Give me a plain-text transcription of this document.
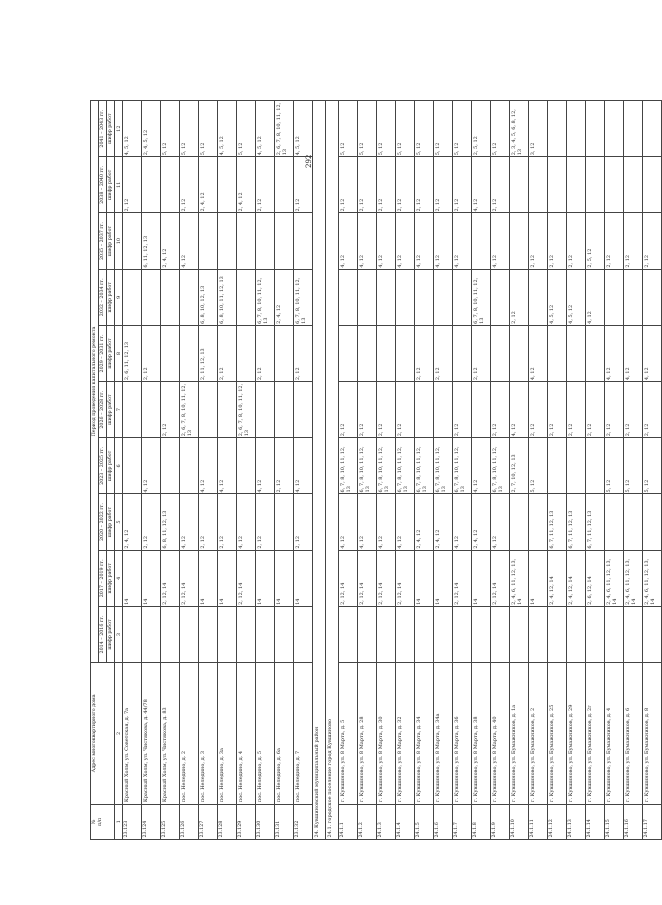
292
№
п/п	Адрес многоквартирного дома	Период проведения капитального ремонта									
		2014 – 2016 гг.	2017 – 2019 гг.	2020 – 2022 гг.	2023 – 2025 гг.	2026 – 2028 гг.	2029 – 2031 гг.	2032 – 2034 гг.	2035 – 2037 гг.	2038 – 2040 гг.	2041 – 2043 гг.
		шифр работ	шифр работ	шифр работ	шифр работ	шифр работ	шифр работ	шифр работ	шифр работ	шифр работ	шифр работ
1	2	3	4	5	6	7	8	9	10	11	12
23.123	Красный Холм, ул. Советская, д. 7а		14	2, 4, 12			2, 6, 11, 12, 13			2, 12	4, 5, 12
23.124	Красный Холм, ул. Чистякова, д. 44/78		14	2, 12	4, 12		2, 12		6, 11, 12, 13		2, 4, 5, 12
23.125	Красный Холм, ул. Чистякова, д. 83		2, 12, 14	6, 8, 11, 12, 13		2, 12			2, 4, 12		5, 12
23.126	пос. Нелединo, д. 2		2, 12, 14	4, 12		2, 6, 7, 8, 10, 11, 12, 13			4, 12	2, 12	5, 12
23.127	пос. Нелединo, д. 3		14	2, 12	4, 12		2, 11, 12, 13	6, 8, 10, 12, 13		2, 4, 12	5, 12
23.128	пос. Нелединo, д. 3а		14	2, 12	4, 12		2, 12	6, 8, 10, 11, 12, 13			4, 5, 12
23.129	пос. Нелединo, д. 4		2, 12, 14	4, 12		2, 6, 7, 8, 10, 11, 12, 13				2, 4, 12	5, 12
23.130	пос. Нелединo, д. 5		14	2, 12	4, 12		2, 12	6, 7, 8, 10, 11, 12, 13		2, 12	4, 5, 12
23.131	пос. Нелединo, д. 6а		14		2, 12			2, 4, 12			2, 6, 7, 8, 10, 11, 12, 13
23.132	пос. Нелединo, д. 7		14	2, 12	4, 12		2, 12	6, 7, 8, 10, 11, 12, 13		2, 12	4, 5, 12
24. Кувшиновский муниципальный район											
24.1. городское поселение город Кувшиново											
24.1.1	г. Кувшиново, ул. 8 Марта, д. 5		2, 12, 14	4, 12	6, 7, 8, 10, 11, 12, 13	2, 12			4, 12	2, 12	5, 12
24.1.2	г. Кувшиново, ул. 8 Марта, д. 28		2, 12, 14	4, 12	6, 7, 8, 10, 11, 12, 13	2, 12			4, 12	2, 12	5, 12
24.1.3	г. Кувшиново, ул. 8 Марта, д. 30		2, 12, 14	4, 12	6, 7, 8, 10, 11, 12, 13	2, 12			4, 12	2, 12	5, 12
24.1.4	г. Кувшиново, ул. 8 Марта, д. 32		2, 12, 14	4, 12	6, 7, 8, 10, 11, 12, 13	2, 12			4, 12	2, 12	5, 12
24.1.5	г. Кувшиново, ул. 8 Марта, д. 34		14	2, 4, 12	6, 7, 8, 10, 11, 12, 13		2, 12		4, 12	2, 12	5, 12
24.1.6	г. Кувшиново, ул. 8 Марта, д. 34а		14	2, 4, 12	6, 7, 8, 10, 11, 12, 13		2, 12		4, 12	2, 12	5, 12
24.1.7	г. Кувшиново, ул. 8 Марта, д. 36		2, 12, 14	4, 12	6, 7, 8, 10, 11, 12, 13	2, 12			4, 12	2, 12	5, 12
24.1.8	г. Кувшиново, ул. 8 Марта, д. 38		14	2, 4, 12	4, 12		2, 12	6, 7, 8, 10, 11, 12, 13		4, 12	2, 5, 12
24.1.9	г. Кувшиново, ул. 8 Марта, д. 40		2, 12, 14	4, 12	6, 7, 8, 10, 11, 12, 13	2, 12			4, 12	2, 12	5, 12
24.1.10	г. Кувшиново, ул. Бумажников, д. 1а		2, 4, 6, 11, 12, 13, 14		2, 7, 10, 12, 13	4, 12		2, 12			2, 3, 4, 5, 6, 8, 12, 13
24.1.11	г. Кувшиново, ул. Бумажников, д. 2		14		5, 12	2, 12	4, 12		2, 12		3, 12
24.1.12	г. Кувшиново, ул. Бумажников, д. 25		2, 4, 12, 14	6, 7, 11, 12, 13		2, 12		4, 5, 12	2, 12		
24.1.13	г. Кувшиново, ул. Бумажников, д. 29		2, 4, 12, 14	6, 7, 11, 12, 13		2, 12		4, 5, 12	2, 12		
24.1.14	г. Кувшиново, ул. Бумажников, д. 2г		2, 6, 12, 14	6, 7, 11, 12, 13		2, 12		4, 12	2, 5, 12		
24.1.15	г. Кувшиново, ул. Бумажников, д. 4		2, 4, 6, 11, 12, 13, 14		5, 12	2, 12	4, 12		2, 12		
24.1.16	г. Кувшиново, ул. Бумажников, д. 6		2, 4, 6, 11, 12, 13, 14		5, 12	2, 12	4, 12		2, 12		
24.1.17	г. Кувшиново, ул. Бумажников, д. 8		2, 4, 6, 11, 12, 13, 14		5, 12	2, 12	4, 12		2, 12		
